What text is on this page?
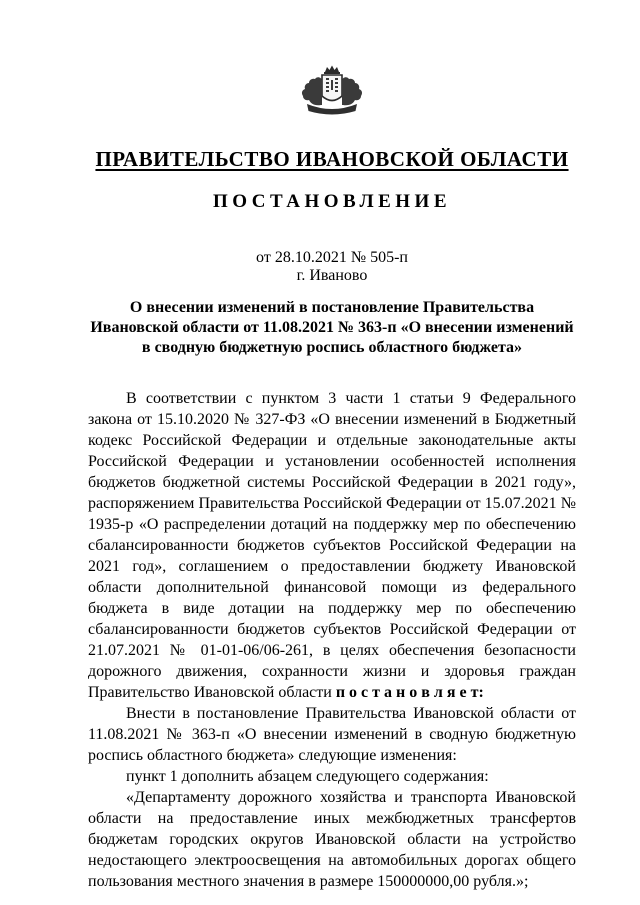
ПРАВИТЕЛЬСТВО ИВАНОВСКОЙ ОБЛАСТИ
ПОСТАНОВЛЕНИЕ
от 28.10.2021 № 505-п
г. Иваново
О внесении изменений в постановление Правительства
Ивановской области от 11.08.2021 № 363-п «О внесении изменений
в сводную бюджетную роспись областного бюджета»

В соответствии с пунктом 3 части 1 статьи 9 Федерального закона от 15.10.2020 № 327-ФЗ «О внесении изменений в Бюджетный кодекс Российской Федерации и отдельные законодательные акты Российской Федерации и установлении особенностей исполнения бюджетов бюджетной системы Российской Федерации в 2021 году», распоряжением Правительства Российской Федерации от 15.07.2021 № 1935-р «О распределении дотаций на поддержку мер по обеспечению сбалансированности бюджетов субъектов Российской Федерации на 2021 год», соглашением о предоставлении бюджету Ивановской области дополнительной финансовой помощи из федерального бюджета в виде дотации на поддержку мер по обеспечению сбалансированности бюджетов субъектов Российской Федерации от 21.07.2021 № 01-01-06/06-261, в целях обеспечения безопасности дорожного движения, сохранности жизни и здоровья граждан Правительство Ивановской области п о с т а н о в л я е т:

Внести в постановление Правительства Ивановской области от 11.08.2021 № 363-п «О внесении изменений в сводную бюджетную роспись областного бюджета» следующие изменения:

пункт 1 дополнить абзацем следующего содержания:

«Департаменту дорожного хозяйства и транспорта Ивановской области на предоставление иных межбюджетных трансфертов бюджетам городских округов Ивановской области на устройство недостающего электроосвещения на автомобильных дорогах общего пользования местного значения в размере 150000000,00 рубля.»;
